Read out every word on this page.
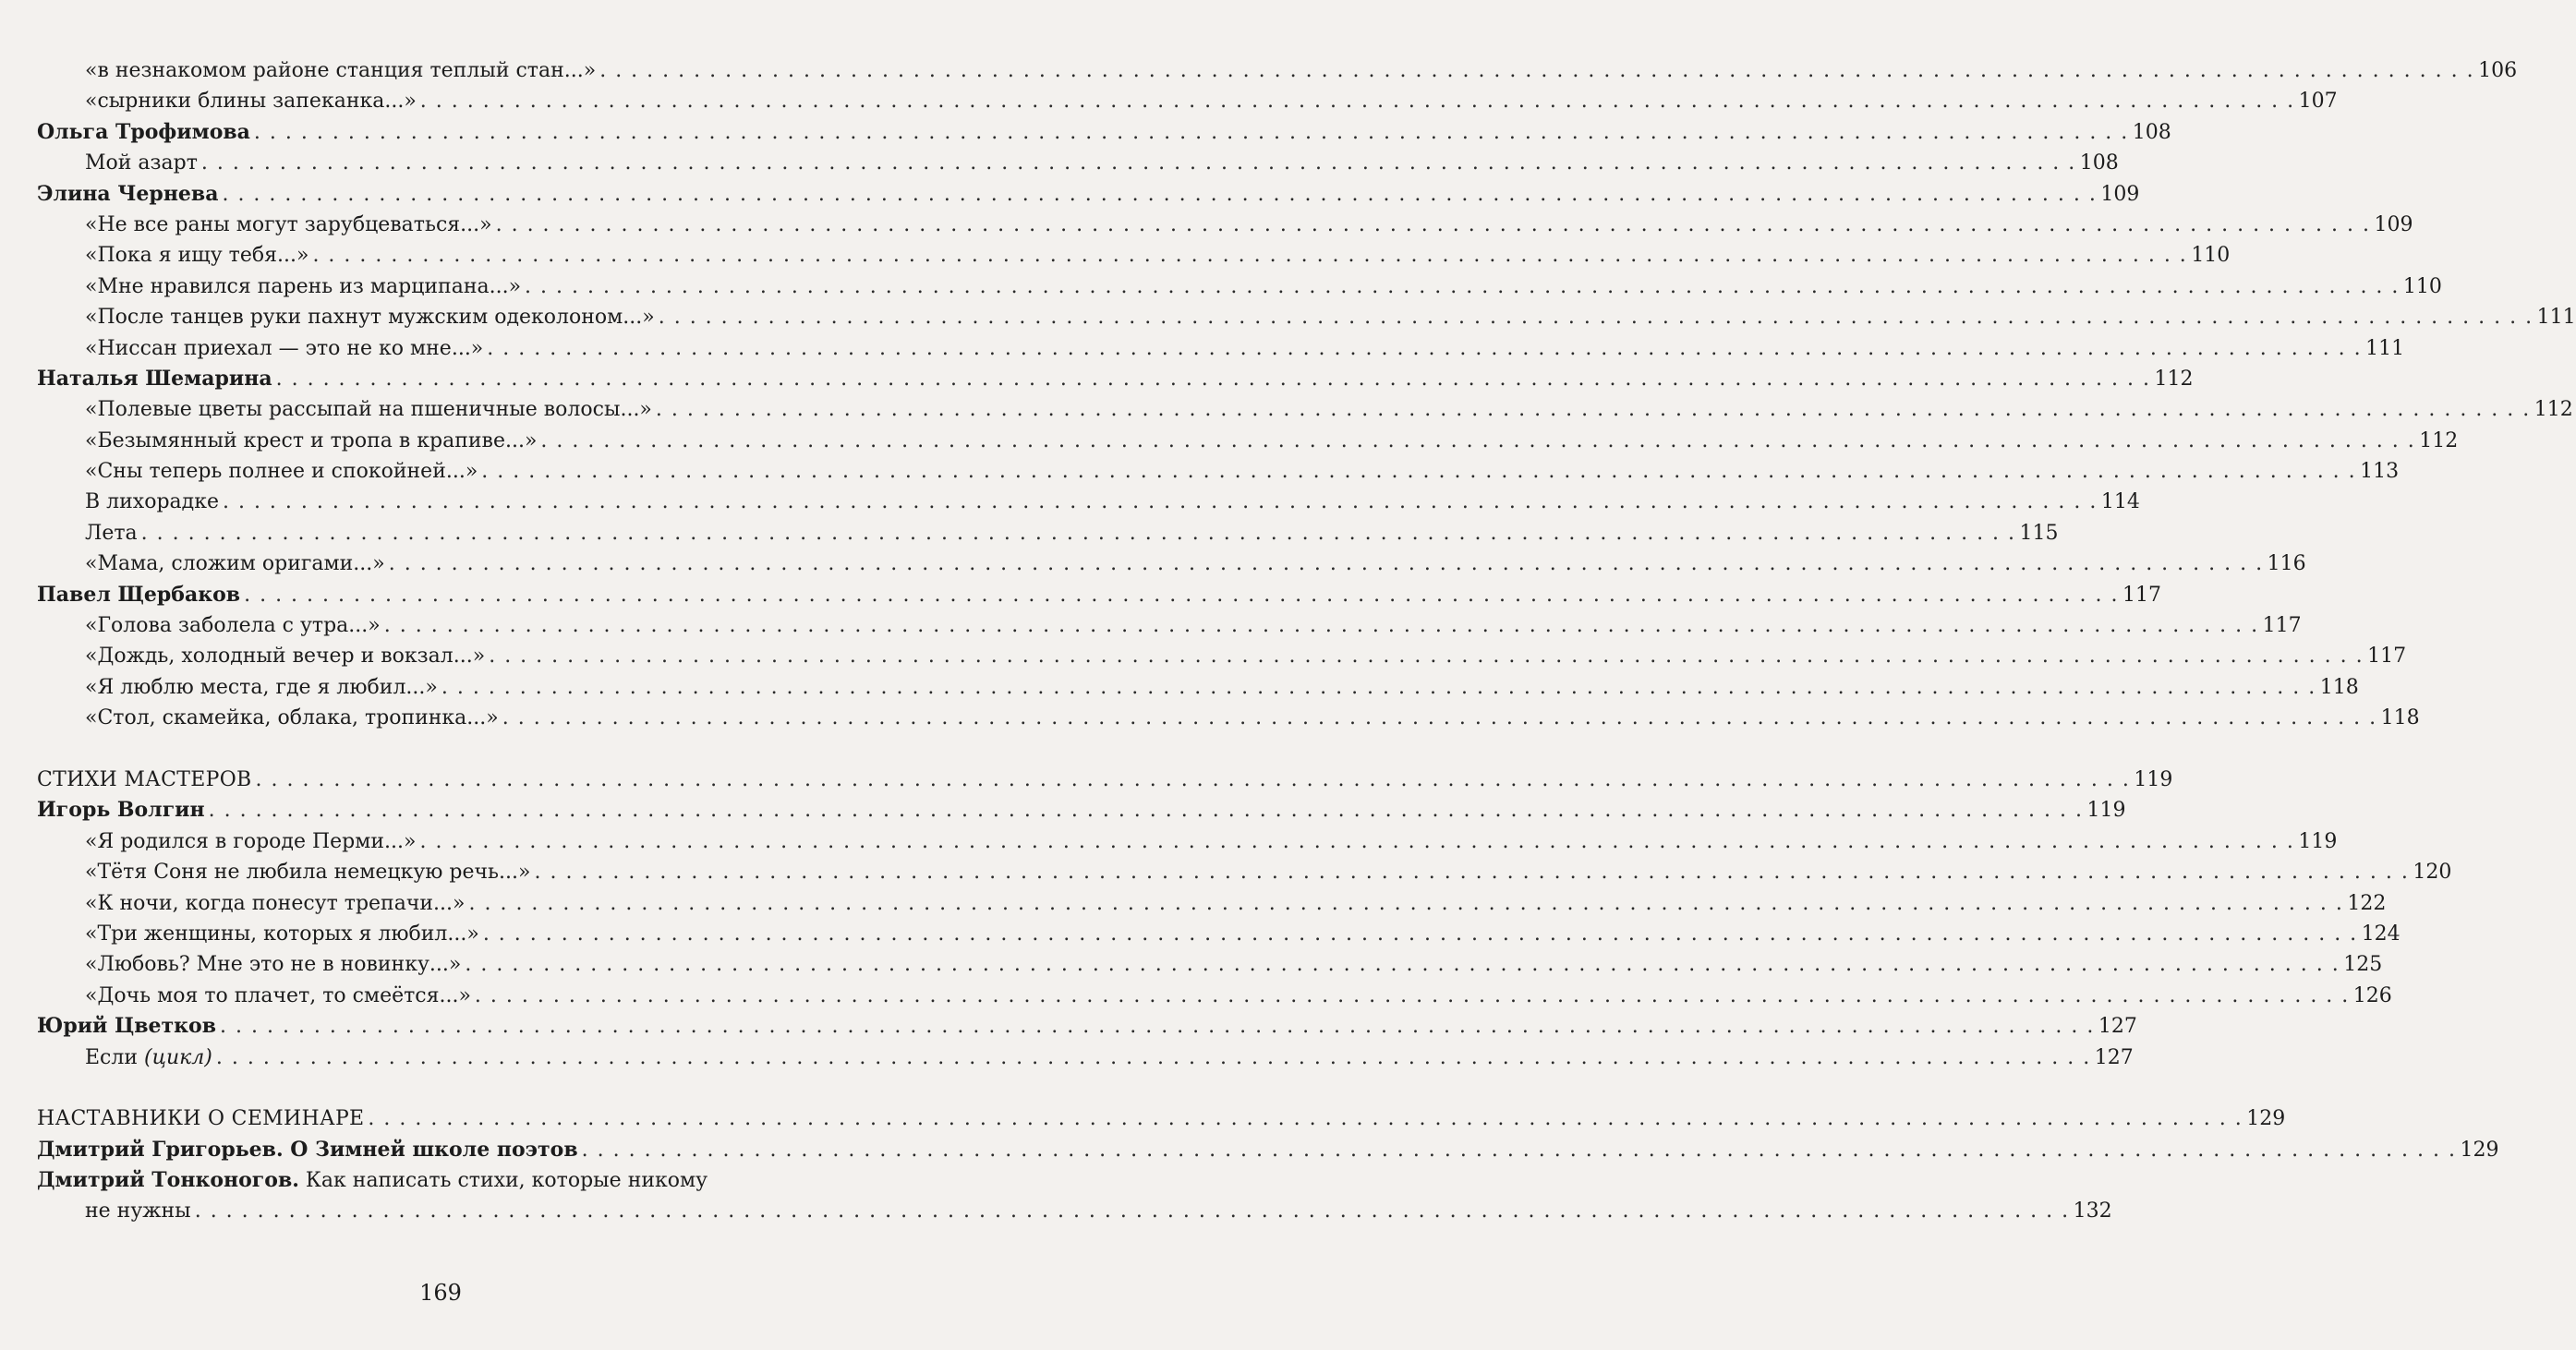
«в незнакомом районе станция теплый стан...» . . . . . . . . . . . . . . . . . . . . . . . . . . . . . . . . . . . . . . . . . . . . . . . . . . . . . . . . . . . . . . . . . . . . . . . . . . . . . . . . . . . . . . . . . . . . . . . . . . . . . . . . . . . . . . . . . . . . . . . . 106
«сырники блины запеканка...» . . . . . . . . . . . . . . . . . . . . . . . . . . . . . . . . . . . . . . . . . . . . . . . . . . . . . . . . . . . . . . . . . . . . . . . . . . . . . . . . . . . . . . . . . . . . . . . . . . . . . . . . . . . . . . . . . . . . . . . . 107
Ольга Трофимова . . . . . . . . . . . . . . . . . . . . . . . . . . . . . . . . . . . . . . . . . . . . . . . . . . . . . . . . . . . . . . . . . . . . . . . . . . . . . . . . . . . . . . . . . . . . . . . . . . . . . . . . . . . . . . . . . . . . . . . . 108
Мой азарт . . . . . . . . . . . . . . . . . . . . . . . . . . . . . . . . . . . . . . . . . . . . . . . . . . . . . . . . . . . . . . . . . . . . . . . . . . . . . . . . . . . . . . . . . . . . . . . . . . . . . . . . . . . . . . . . . . . . . . . . 108
Элина Чернева . . . . . . . . . . . . . . . . . . . . . . . . . . . . . . . . . . . . . . . . . . . . . . . . . . . . . . . . . . . . . . . . . . . . . . . . . . . . . . . . . . . . . . . . . . . . . . . . . . . . . . . . . . . . . . . . . . . . . . . . 109
«Не все раны могут зарубцеваться...» . . . . . . . . . . . . . . . . . . . . . . . . . . . . . . . . . . . . . . . . . . . . . . . . . . . . . . . . . . . . . . . . . . . . . . . . . . . . . . . . . . . . . . . . . . . . . . . . . . . . . . . . . . . . . . . . . . . . . . . . 109
«Пока я ищу тебя...» . . . . . . . . . . . . . . . . . . . . . . . . . . . . . . . . . . . . . . . . . . . . . . . . . . . . . . . . . . . . . . . . . . . . . . . . . . . . . . . . . . . . . . . . . . . . . . . . . . . . . . . . . . . . . . . . . . . . . . . . 110
«Мне нравился парень из марципана...» . . . . . . . . . . . . . . . . . . . . . . . . . . . . . . . . . . . . . . . . . . . . . . . . . . . . . . . . . . . . . . . . . . . . . . . . . . . . . . . . . . . . . . . . . . . . . . . . . . . . . . . . . . . . . . . . . . . . . . . . 110
«После танцев руки пахнут мужским одеколоном...» . . . . . . . . . . . . . . . . . . . . . . . . . . . . . . . . . . . . . . . . . . . . . . . . . . . . . . . . . . . . . . . . . . . . . . . . . . . . . . . . . . . . . . . . . . . . . . . . . . . . . . . . . . . . . . . . . . . . . . . . 111
«Ниссан приехал — это не ко мне...» . . . . . . . . . . . . . . . . . . . . . . . . . . . . . . . . . . . . . . . . . . . . . . . . . . . . . . . . . . . . . . . . . . . . . . . . . . . . . . . . . . . . . . . . . . . . . . . . . . . . . . . . . . . . . . . . . . . . . . . . 111
Наталья Шемарина . . . . . . . . . . . . . . . . . . . . . . . . . . . . . . . . . . . . . . . . . . . . . . . . . . . . . . . . . . . . . . . . . . . . . . . . . . . . . . . . . . . . . . . . . . . . . . . . . . . . . . . . . . . . . . . . . . . . . . . . 112
«Полевые цветы рассыпай на пшеничные волосы...» . . . . . . . . . . . . . . . . . . . . . . . . . . . . . . . . . . . . . . . . . . . . . . . . . . . . . . . . . . . . . . . . . . . . . . . . . . . . . . . . . . . . . . . . . . . . . . . . . . . . . . . . . . . . . . . . . . . . . . . . 112
«Безымянный крест и тропа в крапиве...» . . . . . . . . . . . . . . . . . . . . . . . . . . . . . . . . . . . . . . . . . . . . . . . . . . . . . . . . . . . . . . . . . . . . . . . . . . . . . . . . . . . . . . . . . . . . . . . . . . . . . . . . . . . . . . . . . . . . . . . . 112
«Сны теперь полнее и спокойней...» . . . . . . . . . . . . . . . . . . . . . . . . . . . . . . . . . . . . . . . . . . . . . . . . . . . . . . . . . . . . . . . . . . . . . . . . . . . . . . . . . . . . . . . . . . . . . . . . . . . . . . . . . . . . . . . . . . . . . . . . 113
В лихорадке . . . . . . . . . . . . . . . . . . . . . . . . . . . . . . . . . . . . . . . . . . . . . . . . . . . . . . . . . . . . . . . . . . . . . . . . . . . . . . . . . . . . . . . . . . . . . . . . . . . . . . . . . . . . . . . . . . . . . . . . 114
Лета . . . . . . . . . . . . . . . . . . . . . . . . . . . . . . . . . . . . . . . . . . . . . . . . . . . . . . . . . . . . . . . . . . . . . . . . . . . . . . . . . . . . . . . . . . . . . . . . . . . . . . . . . . . . . . . . . . . . . . . . 115
«Мама, сложим оригами...» . . . . . . . . . . . . . . . . . . . . . . . . . . . . . . . . . . . . . . . . . . . . . . . . . . . . . . . . . . . . . . . . . . . . . . . . . . . . . . . . . . . . . . . . . . . . . . . . . . . . . . . . . . . . . . . . . . . . . . . . 116
Павел Щербаков . . . . . . . . . . . . . . . . . . . . . . . . . . . . . . . . . . . . . . . . . . . . . . . . . . . . . . . . . . . . . . . . . . . . . . . . . . . . . . . . . . . . . . . . . . . . . . . . . . . . . . . . . . . . . . . . . . . . . . . . 117
«Голова заболела с утра...» . . . . . . . . . . . . . . . . . . . . . . . . . . . . . . . . . . . . . . . . . . . . . . . . . . . . . . . . . . . . . . . . . . . . . . . . . . . . . . . . . . . . . . . . . . . . . . . . . . . . . . . . . . . . . . . . . . . . . . . . 117
«Дождь, холодный вечер и вокзал...» . . . . . . . . . . . . . . . . . . . . . . . . . . . . . . . . . . . . . . . . . . . . . . . . . . . . . . . . . . . . . . . . . . . . . . . . . . . . . . . . . . . . . . . . . . . . . . . . . . . . . . . . . . . . . . . . . . . . . . . . 117
«Я люблю места, где я любил...» . . . . . . . . . . . . . . . . . . . . . . . . . . . . . . . . . . . . . . . . . . . . . . . . . . . . . . . . . . . . . . . . . . . . . . . . . . . . . . . . . . . . . . . . . . . . . . . . . . . . . . . . . . . . . . . . . . . . . . . . 118
«Стол, скамейка, облака, тропинка...» . . . . . . . . . . . . . . . . . . . . . . . . . . . . . . . . . . . . . . . . . . . . . . . . . . . . . . . . . . . . . . . . . . . . . . . . . . . . . . . . . . . . . . . . . . . . . . . . . . . . . . . . . . . . . . . . . . . . . . . . 118
СТИХИ МАСТЕРОВ . . . . . . . . . . . . . . . . . . . . . . . . . . . . . . . . . . . . . . . . . . . . . . . . . . . . . . . . . . . . . . . . . . . . . . . . . . . . . . . . . . . . . . . . . . . . . . . . . . . . . . . . . . . . . . . . . . . . . . . . 119
Игорь Волгин . . . . . . . . . . . . . . . . . . . . . . . . . . . . . . . . . . . . . . . . . . . . . . . . . . . . . . . . . . . . . . . . . . . . . . . . . . . . . . . . . . . . . . . . . . . . . . . . . . . . . . . . . . . . . . . . . . . . . . . . 119
«Я родился в городе Перми...» . . . . . . . . . . . . . . . . . . . . . . . . . . . . . . . . . . . . . . . . . . . . . . . . . . . . . . . . . . . . . . . . . . . . . . . . . . . . . . . . . . . . . . . . . . . . . . . . . . . . . . . . . . . . . . . . . . . . . . . . 119
«Тётя Соня не любила немецкую речь...» . . . . . . . . . . . . . . . . . . . . . . . . . . . . . . . . . . . . . . . . . . . . . . . . . . . . . . . . . . . . . . . . . . . . . . . . . . . . . . . . . . . . . . . . . . . . . . . . . . . . . . . . . . . . . . . . . . . . . . . . 120
«К ночи, когда понесут трепачи...» . . . . . . . . . . . . . . . . . . . . . . . . . . . . . . . . . . . . . . . . . . . . . . . . . . . . . . . . . . . . . . . . . . . . . . . . . . . . . . . . . . . . . . . . . . . . . . . . . . . . . . . . . . . . . . . . . . . . . . . . 122
«Три женщины, которых я любил...» . . . . . . . . . . . . . . . . . . . . . . . . . . . . . . . . . . . . . . . . . . . . . . . . . . . . . . . . . . . . . . . . . . . . . . . . . . . . . . . . . . . . . . . . . . . . . . . . . . . . . . . . . . . . . . . . . . . . . . . . 124
«Любовь? Мне это не в новинку...» . . . . . . . . . . . . . . . . . . . . . . . . . . . . . . . . . . . . . . . . . . . . . . . . . . . . . . . . . . . . . . . . . . . . . . . . . . . . . . . . . . . . . . . . . . . . . . . . . . . . . . . . . . . . . . . . . . . . . . . . 125
«Дочь моя то плачет, то смеётся...» . . . . . . . . . . . . . . . . . . . . . . . . . . . . . . . . . . . . . . . . . . . . . . . . . . . . . . . . . . . . . . . . . . . . . . . . . . . . . . . . . . . . . . . . . . . . . . . . . . . . . . . . . . . . . . . . . . . . . . . . 126
Юрий Цветков . . . . . . . . . . . . . . . . . . . . . . . . . . . . . . . . . . . . . . . . . . . . . . . . . . . . . . . . . . . . . . . . . . . . . . . . . . . . . . . . . . . . . . . . . . . . . . . . . . . . . . . . . . . . . . . . . . . . . . . . 127
Если (цикл) . . . . . . . . . . . . . . . . . . . . . . . . . . . . . . . . . . . . . . . . . . . . . . . . . . . . . . . . . . . . . . . . . . . . . . . . . . . . . . . . . . . . . . . . . . . . . . . . . . . . . . . . . . . . . . . . . . . . . . . . 127
НАСТАВНИКИ О СЕМИНАРЕ . . . . . . . . . . . . . . . . . . . . . . . . . . . . . . . . . . . . . . . . . . . . . . . . . . . . . . . . . . . . . . . . . . . . . . . . . . . . . . . . . . . . . . . . . . . . . . . . . . . . . . . . . . . . . . . . . . . . . . . . 129
Дмитрий Григорьев. О Зимней школе поэтов . . . . . . . . . . . . . . . . . . . . . . . . . . . . . . . . . . . . . . . . . . . . . . . . . . . . . . . . . . . . . . . . . . . . . . . . . . . . . . . . . . . . . . . . . . . . . . . . . . . . . . . . . . . . . . . . . . . . . . . . 129
Дмитрий Тонконогов. Как написать стихи, которые никому
не нужны . . . . . . . . . . . . . . . . . . . . . . . . . . . . . . . . . . . . . . . . . . . . . . . . . . . . . . . . . . . . . . . . . . . . . . . . . . . . . . . . . . . . . . . . . . . . . . . . . . . . . . . . . . . . . . . . . . . . . . . . 132
169
